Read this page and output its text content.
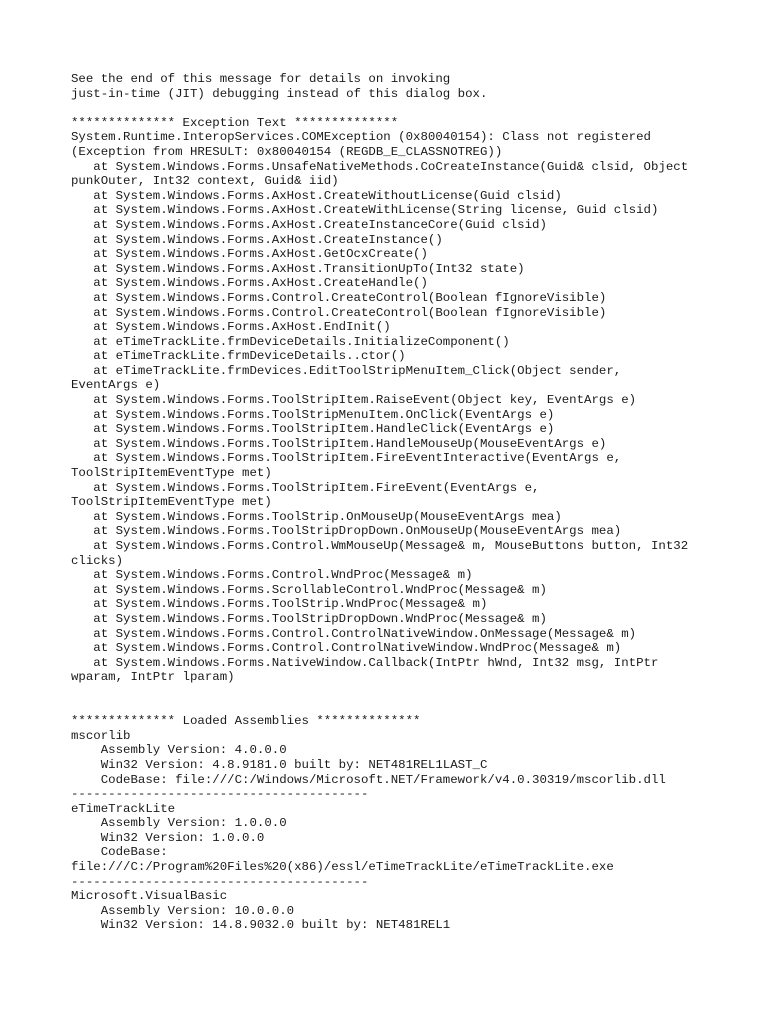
See the end of this message for details on invoking
just-in-time (JIT) debugging instead of this dialog box.
************** Exception Text **************
System.Runtime.InteropServices.COMException (0x80040154): Class not registered
(Exception from HRESULT: 0x80040154 (REGDB_E_CLASSNOTREG))
at System.Windows.Forms.UnsafeNativeMethods.CoCreateInstance(Guid& clsid, Object
punkOuter, Int32 context, Guid& iid)
at System.Windows.Forms.AxHost.CreateWithoutLicense(Guid clsid)
at System.Windows.Forms.AxHost.CreateWithLicense(String license, Guid clsid)
at System.Windows.Forms.AxHost.CreateInstanceCore(Guid clsid)
at System.Windows.Forms.AxHost.CreateInstance()
at System.Windows.Forms.AxHost.GetOcxCreate()
at System.Windows.Forms.AxHost.TransitionUpTo(Int32 state)
at System.Windows.Forms.AxHost.CreateHandle()
at System.Windows.Forms.Control.CreateControl(Boolean fIgnoreVisible)
at System.Windows.Forms.Control.CreateControl(Boolean fIgnoreVisible)
at System.Windows.Forms.AxHost.EndInit()
at eTimeTrackLite.frmDeviceDetails.InitializeComponent()
at eTimeTrackLite.frmDeviceDetails..ctor()
at eTimeTrackLite.frmDevices.EditToolStripMenuItem_Click(Object sender,
EventArgs e)
at System.Windows.Forms.ToolStripItem.RaiseEvent(Object key, EventArgs e)
at System.Windows.Forms.ToolStripMenuItem.OnClick(EventArgs e)
at System.Windows.Forms.ToolStripItem.HandleClick(EventArgs e)
at System.Windows.Forms.ToolStripItem.HandleMouseUp(MouseEventArgs e)
at System.Windows.Forms.ToolStripItem.FireEventInteractive(EventArgs e,
ToolStripItemEventType met)
at System.Windows.Forms.ToolStripItem.FireEvent(EventArgs e,
ToolStripItemEventType met)
at System.Windows.Forms.ToolStrip.OnMouseUp(MouseEventArgs mea)
at System.Windows.Forms.ToolStripDropDown.OnMouseUp(MouseEventArgs mea)
at System.Windows.Forms.Control.WmMouseUp(Message& m, MouseButtons button, Int32
clicks)
at System.Windows.Forms.Control.WndProc(Message& m)
at System.Windows.Forms.ScrollableControl.WndProc(Message& m)
at System.Windows.Forms.ToolStrip.WndProc(Message& m)
at System.Windows.Forms.ToolStripDropDown.WndProc(Message& m)
at System.Windows.Forms.Control.ControlNativeWindow.OnMessage(Message& m)
at System.Windows.Forms.Control.ControlNativeWindow.WndProc(Message& m)
at System.Windows.Forms.NativeWindow.Callback(IntPtr hWnd, Int32 msg, IntPtr
wparam, IntPtr lparam)
************** Loaded Assemblies **************
mscorlib
Assembly Version: 4.0.0.0
Win32 Version: 4.8.9181.0 built by: NET481REL1LAST_C
CodeBase: file:///C:/Windows/Microsoft.NET/Framework/v4.0.30319/mscorlib.dll
----------------------------------------
eTimeTrackLite
Assembly Version: 1.0.0.0
Win32 Version: 1.0.0.0
CodeBase:
file:///C:/Program%20Files%20(x86)/essl/eTimeTrackLite/eTimeTrackLite.exe
----------------------------------------
Microsoft.VisualBasic
Assembly Version: 10.0.0.0
Win32 Version: 14.8.9032.0 built by: NET481REL1
